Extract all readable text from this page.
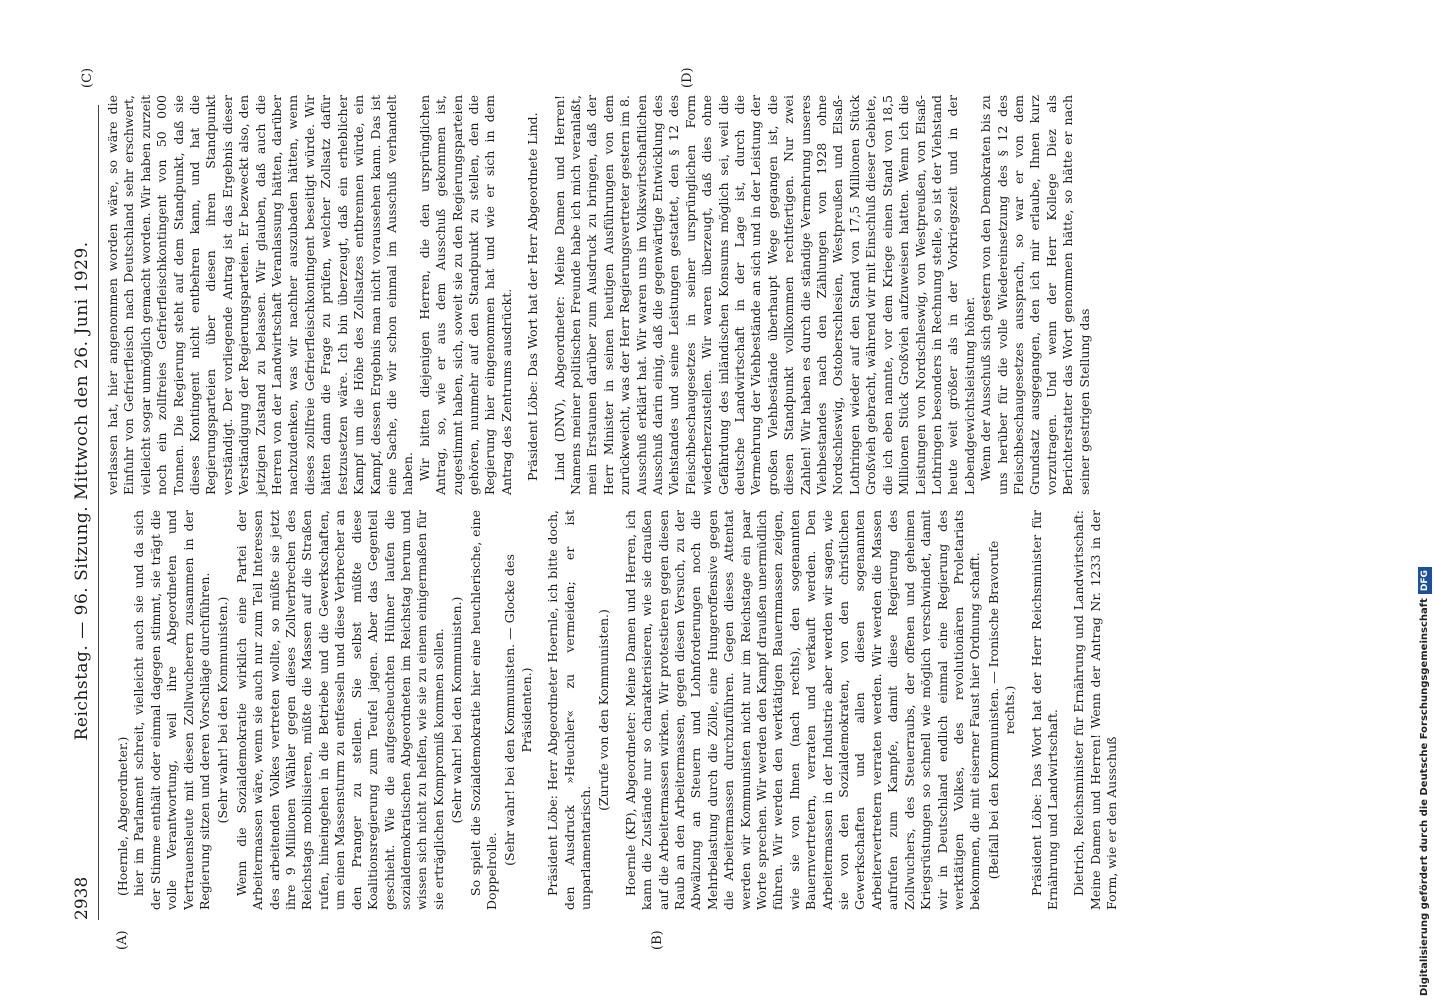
2938
Reichstag. — 96. Sitzung. Mittwoch den 26. Juni 1929.
(A)	(B)
(C)	(D)

(Hoernle, Abgeordneter.) hier im Parlament schreit, vielleicht auch sie und da sich der Stimme enthält oder einmal dagegen stimmt, sie trägt die volle Verantwortung, weil ihre Abgeordneten und Vertrauensleute mit diesen Zollwucherern zusammen in der Regierung sitzen und deren Vorschläge durchführen. (Sehr wahr! bei den Kommunisten.) Wenn die Sozialdemokratie wirklich eine Partei der Arbeitermassen wäre, wenn sie auch nur zum Teil Interessen des arbeitenden Volkes vertreten wollte, so müßte sie jetzt ihre 9 Millionen Wähler gegen dieses Zollverbrechen des Reichstags mobilisieren, müßte die Massen auf die Straßen rufen, hineingehen in die Betriebe und die Gewerkschaften, um einen Massensturm zu entfesseln und diese Verbrecher an den Pranger zu stellen. Sie selbst müßte diese Koalitionsregierung zum Teufel jagen. Aber das Gegenteil geschieht. Wie die aufgescheuchten Hühner laufen die sozialdemokratischen Abgeordneten im Reichstag herum und wissen sich nicht zu helfen, wie sie zu einem einigermaßen für sie erträglichen Kompromiß kommen sollen. (Sehr wahr! bei den Kommunisten.) So spielt die Sozialdemokratie hier eine heuchlerische, eine Doppelrolle.

(Sehr wahr! bei den Kommunisten. — Glocke des Präsidenten.) Präsident Löbe: Herr Abgeordneter Hoernle, ich bitte doch, den Ausdruck »Heuchler« zu vermeiden; er ist unparlamentarisch.

(Zurufe von den Kommunisten.) Hoernle (KP), Abgeordneter: Meine Damen und Herren, ich kann die Zustände nur so charakterisieren, wie sie draußen auf die Arbeitermassen wirken. Wir protestieren gegen diesen Raub an den Arbeitermassen, gegen diesen Versuch, zu der Abwälzung an Steuern und Lohnforderungen noch die Mehrbelastung durch die Zölle, eine Hungeroffensive gegen die Arbeitermassen durchzuführen. Gegen dieses Attentat werden wir Kommunisten nicht nur im Reichstage ein paar Worte sprechen. Wir werden den Kampf draußen unermüdlich führen. Wir werden den werktätigen Bauernmassen zeigen, wie sie von Ihnen (nach rechts), den sogenannten Bauernvertretern, verraten und verkauft werden. Den Arbeitermassen in der Industrie aber werden wir sagen, wie sie von den Sozialdemokraten, von den christlichen Gewerkschaften und allen diesen sogenannten Arbeitervertretern verraten werden. Wir werden die Massen aufrufen zum Kampfe, damit diese Regierung des Zollwuchers, des Steuerraubs, der offenen und geheimen Kriegsrüstungen so schnell wie möglich verschwindet, damit wir in Deutschland endlich einmal eine Regierung des werktätigen Volkes, des revolutionären Proletariats bekommen, die mit eiserner Faust hier Ordnung schafft. (Beifall bei den Kommunisten. — Ironische Bravorufe rechts.) Präsident Löbe: Das Wort hat der Herr Reichsminister für Ernährung und Landwirtschaft. Dietrich, Reichsminister für Ernährung und Landwirtschaft: Meine Damen und Herren! Wenn der Antrag Nr. 1233 in der Form, wie er den Ausschuß

verlassen hat, hier angenommen worden wäre, so wäre die Einfuhr von Gefrierfleisch nach Deutschland sehr erschwert, vielleicht sogar unmöglich gemacht worden. Wir haben zurzeit noch ein zollfreies Gefrierfleischkontingent von 50 000 Tonnen. Die Regierung steht auf dem Standpunkt, daß sie dieses Kontingent nicht entbehren kann, und hat die Regierungsparteien über diesen ihren Standpunkt verständigt. Der vorliegende Antrag ist das Ergebnis dieser Verständigung der Regierungsparteien. Er bezweckt also, den jetzigen Zustand zu belassen. Wir glauben, daß auch die Herren von der Landwirtschaft Veranlassung hätten, darüber nachzudenken, was wir nachher auszubaden hätten, wenn dieses zollfreie Gefrierfleischkontingent beseitigt würde. Wir hätten dann die Frage zu prüfen, welcher Zollsatz dafür festzusetzen wäre. Ich bin überzeugt, daß ein erheblicher Kampf um die Höhe des Zollsatzes entbrennen würde, ein Kampf, dessen Ergebnis man nicht voraussehen kann. Das ist eine Sache, die wir schon einmal im Ausschuß verhandelt haben. Wir bitten diejenigen Herren, die den ursprünglichen Antrag, so, wie er aus dem Ausschuß gekommen ist, zugestimmt haben, sich, soweit sie zu den Regierungsparteien gehören, nunmehr auf den Standpunkt zu stellen, den die Regierung hier eingenommen hat und wie er sich in dem Antrag des Zentrums ausdrückt. Präsident Löbe: Das Wort hat der Herr Abgeordnete Lind. Lind (DNV), Abgeordneter: Meine Damen und Herren! Namens meiner politischen Freunde habe ich mich veranlaßt, mein Erstaunen darüber zum Ausdruck zu bringen, daß der Herr Minister in seinen heutigen Ausführungen von dem zurückweicht, was der Herr Regierungsvertreter gestern im 8. Ausschuß erklärt hat. Wir waren uns im Volkswirtschaftlichen Ausschuß darin einig, daß die gegenwärtige Entwicklung des Viehstandes und seine Leistungen gestattet, den § 12 des Fleischbeschaugesetzes in seiner ursprünglichen Form wiederherzustellen. Wir waren überzeugt, daß dies ohne Gefährdung des inländischen Konsums möglich sei, weil die deutsche Landwirtschaft in der Lage ist, durch die Vermehrung der Viehbestände an sich und in der Leistung der großen Viehbestände überhaupt Wege gegangen ist, die diesen Standpunkt vollkommen rechtfertigen. Nur zwei Zahlen! Wir haben es durch die ständige Vermehrung unseres Viehbestandes nach den Zählungen von 1928 ohne Nordschleswig, Ostoberschlesien, Westpreußen und Elsaß-Lothringen wieder auf den Stand von 17,5 Millionen Stück Großvieh gebracht, während wir mit Einschluß dieser Gebiete, die ich eben nannte, vor dem Kriege einen Stand von 18,5 Millionen Stück Großvieh aufzuweisen hatten. Wenn ich die Leistungen von Nordschleswig, von Westpreußen, von Elsaß-Lothringen besonders in Rechnung stelle, so ist der Viehstand heute weit größer als in der Vorkriegszeit und in der Lebendgewichtsleistung höher. Wenn der Ausschuß sich gestern von den Demokraten bis zu uns herüber für die volle Wiedereinsetzung des § 12 des Fleischbeschaugesetzes aussprach, so war er von dem Grundsatz ausgegangen, den ich mir erlaube, Ihnen kurz vorzutragen. Und wenn der Herr Kollege Diez als Berichterstatter das Wort genommen hätte, so hätte er nach seiner gestrigen Stellung das

Digitalisierung gefördert durch die Deutsche ForschungsgemeinschaftDFG
